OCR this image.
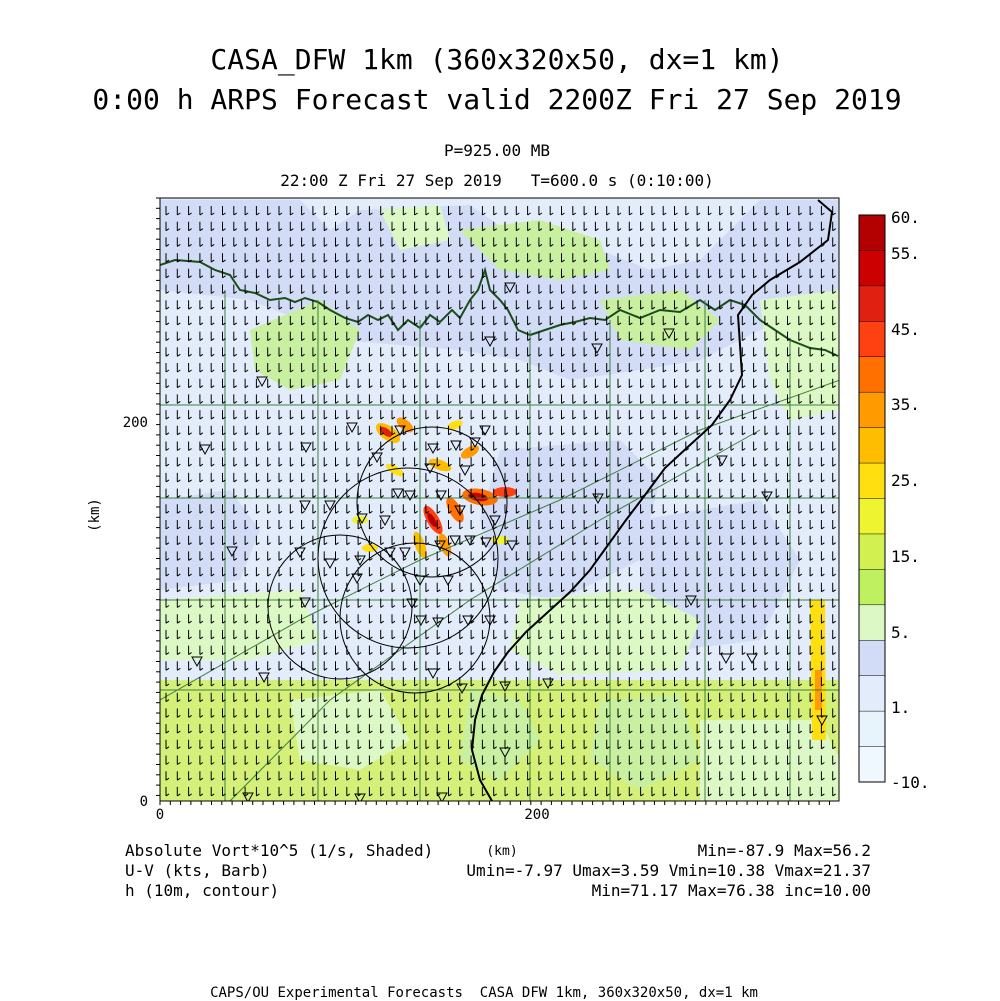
CASA_DFW 1km (360x320x50, dx=1 km)
0:00 h ARPS Forecast valid 2200Z Fri 27 Sep 2019
P=925.00 MB
22:00 Z Fri 27 Sep 2019   T=600.0 s (0:10:00)
200
0
0	200
(km)
(km)
60.
55.
45.
35.
25.
15.
5.
1.
-10.
Absolute Vort*10^5 (1/s, Shaded)	Min=-87.9 Max=56.2
U-V (kts, Barb)	Umin=-7.97 Umax=3.59 Vmin=10.38 Vmax=21.37
h (10m, contour)	Min=71.17 Max=76.38 inc=10.00
CAPS/OU Experimental Forecasts  CASA DFW 1km, 360x320x50, dx=1 km
